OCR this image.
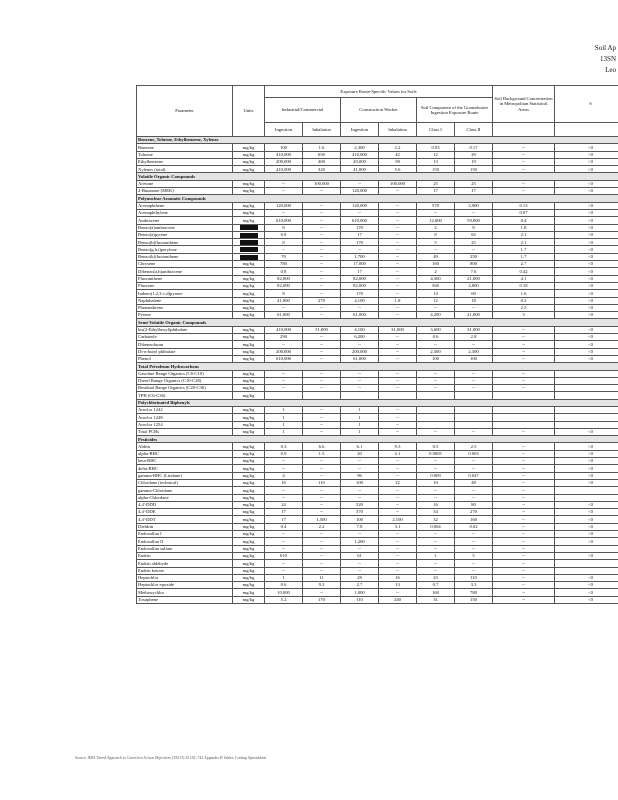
Soil Ap
13SN
Leo
Parameter	Units	Exposure Route-Specific Values for Soils						Soil Background Concentration in Metropolitan Statistical Areas	S
		Industrial/Commercial		Construction Worker		Soil Component of the Groundwater Ingestion Exposure Route			
		Ingestion	Inhalation	Ingestion	Inhalation	Class I	Class II		
Benzene, Toluene, Ethylbenzene, Xylenes									
Benzene	mg/kg	100	1.6	2,300	2.2	0.03	0.17	--	<0
Toluene	mg/kg	410,000	650	410,000	42	12	29	--	<0
Ethylbenzene	mg/kg	200,000	400	20,000	58	13	19	--	<0
Xylenes (total)	mg/kg	410,000	320	41,000	5.6	150	150	--	<0
Volatile Organic Compounds									
Acetone	mg/kg	--	100,000	--	100,000	25	25	--	<0
2-Butanone (MEK)	mg/kg	--	--	120,000	--	17	17	--	<0
Polynuclear Aromatic Compounds									
Acenaphthene	mg/kg	120,000	--	120,000	--	570	2,900	0.13	<0
Acenaphthylene	mg/kg	--	--	--	--	--	--	0.07	<0
Anthracene	mg/kg	610,000	--	610,000	--	12,000	59,000	0.4	<0
Benzo(a)anthracene		8	--	170	--	2	8	1.8	<0
Benzo(a)pyrene		0.8	--	17	--	8	82	2.1	<0
Benzo(b)fluoranthene		8	--	170	--	5	25	2.1	<0
Benzo(g,h,i)perylene		--	--	--	--	--	--	1.7	<0
Benzo(k)fluoranthene		78	--	1,700	--	49	250	1.7	<0
Chrysene	mg/kg	780	--	17,000	--	160	800	2.7	<0
Dibenzo(a,h)anthracene	mg/kg	0.8	--	17	--	2	7.6	0.42	<0
Fluoranthene	mg/kg	82,000	--	82,000	--	4,300	21,000	4.1	<0
Fluorene	mg/kg	82,000	--	82,000	--	560	2,800	0.18	<0
Indeno(1,2,3-c,d)pyrene	mg/kg	8	--	170	--	14	69	1.6	<0
Naphthalene	mg/kg	41,000	270	4,100	1.8	12	18	0.2	<0
Phenanthrene	mg/kg	--	--	--	--	--	--	2.5	<0
Pyrene	mg/kg	61,000	--	61,000	--	4,200	21,000	3	<0
Semi-Volatile Organic Compounds									
bis(2-Ethylhexyl)phthalate	mg/kg	410,000	31,000	4,100	31,000	3,600	31,000	--	<0
Carbazole	mg/kg	290	--	6,200	--	0.6	2.8	--	<0
Dibenzofuran	mg/kg	--	--	--	--	--	--	--	<0
Di-n-butyl phthalate	mg/kg	200,000	--	200,000	--	2,300	2,300	--	<0
Phenol	mg/kg	610,000	--	61,000	--	100	100	--	<0
Total Petroleum Hydrocarbons									
Gasoline Range Organics (C6-C10)	mg/kg	--	--	--	--	--	--	--	
Diesel Range Organics (C10-C28)	mg/kg	--	--	--	--	--	--	--	
Residual Range Organics (C28-C36)	mg/kg	--	--	--	--	--	--	--	
TPH (C6-C36)	mg/kg								
Polychlorinated Biphenyls									
Aroclor 1242	mg/kg	1	--	1	--				
Aroclor 1248	mg/kg	1	--	1	--				
Aroclor 1254	mg/kg	1	--	1	--				
Total PCBs	mg/kg	1	--	1	--	--	--	--	<0
Pesticides									
Aldrin	mg/kg	0.3	6.6	6.1	9.3	0.5	2.5	--	<0
alpha-BHC	mg/kg	0.9	1.5	20	2.1	0.0005	0.003	--	<0
beta-BHC	mg/kg	--	--	--	--	--	--	--	<0
delta-BHC	mg/kg	--	--	--	--	--	--	--	<0
gamma-BHC (Lindane)	mg/kg	4	--	96	--	0.009	0.047	--	<0
Chlordane (technical)	mg/kg	16	110	100	22	10	48	--	<0
gamma-Chlordane	mg/kg	--	--	--	--	--	--	--	
alpha-Chlordane	mg/kg	--	--	--	--	--	--	--	
4,4'-DDD	mg/kg	24	--	520	--	16	80	--	<0
4,4'-DDE	mg/kg	17	--	370	--	54	270	--	<0
4,4'-DDT	mg/kg	17	1,500	100	2,100	32	160	--	<0
Dieldrin	mg/kg	0.4	2.2	7.8	3.1	0.004	0.02	--	<0
Endosulfan I	mg/kg	--	--	--	--	--	--	--	<0
Endosulfan II	mg/kg	--	--	1,200	--	--	--	--	<0
Endosulfan sulfate	mg/kg	--	--	--	--	--	--	--	
Endrin	mg/kg	610	--	61	--	1	5	--	<0
Endrin aldehyde	mg/kg	--	--	--	--	--	--	--	
Endrin ketone	mg/kg	--	--	--	--	--	--	--	
Heptachlor	mg/kg	1	11	28	16	23	110	--	<0
Heptachlor epoxide	mg/kg	0.6	9.2	2.7	13	0.7	3.3	--	<0
Methoxychlor	mg/kg	10,000	--	1,000	--	160	780	--	<0
Toxaphene	mg/kg	5.2	170	110	240	31	150	--	<0
Source: IEPA Tiered Approach to Corrective Action Objectives (TACO) 35 IAC 742 Appendix B Tables; Lookup Spreadsheet
